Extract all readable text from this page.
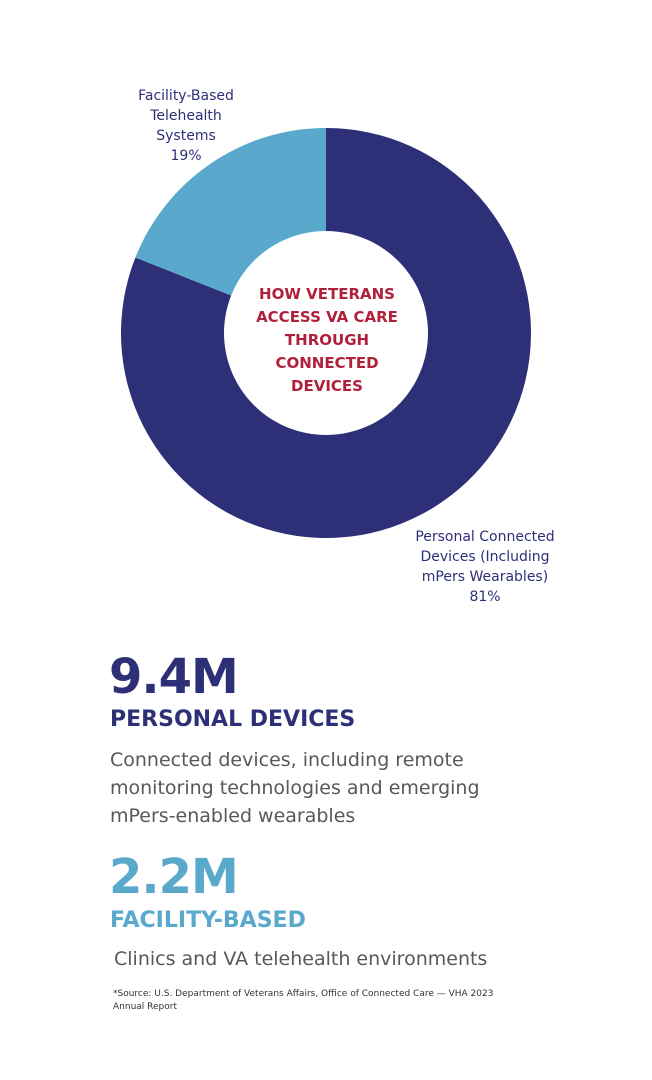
Facility-Based
Telehealth
Systems
19%
Personal Connected
Devices (Including
mPers Wearables)
81%
HOW VETERANS
ACCESS VA CARE
THROUGH
CONNECTED
DEVICES
9.4M
PERSONAL DEVICES
Connected devices, including remote
monitoring technologies and emerging
mPers-enabled wearables
2.2M
FACILITY-BASED
Clinics and VA telehealth environments
*Source: U.S. Department of Veterans Affairs, Office of Connected Care — VHA 2023
Annual Report
